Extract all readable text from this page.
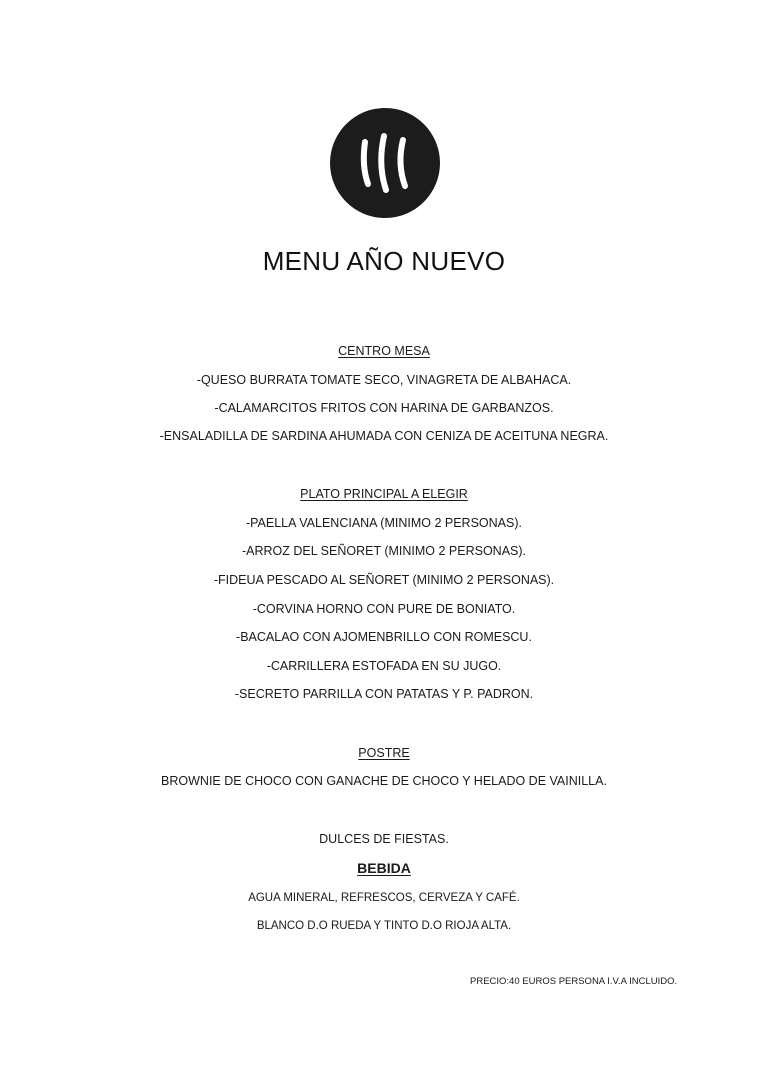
MENU AÑO NUEVO
CENTRO MESA
-QUESO BURRATA TOMATE SECO, VINAGRETA DE ALBAHACA.
-CALAMARCITOS FRITOS CON HARINA DE GARBANZOS.
-ENSALADILLA DE SARDINA AHUMADA CON CENIZA DE ACEITUNA NEGRA.
PLATO PRINCIPAL A ELEGIR
-PAELLA VALENCIANA (MINIMO 2 PERSONAS).
-ARROZ DEL SEÑORET (MINIMO 2 PERSONAS).
-FIDEUA PESCADO AL SEÑORET (MINIMO 2 PERSONAS).
-CORVINA HORNO CON PURE DE BONIATO.
-BACALAO CON AJOMENBRILLO CON ROMESCU.
-CARRILLERA ESTOFADA EN SU JUGO.
-SECRETO PARRILLA CON PATATAS Y P. PADRON.
POSTRE
BROWNIE DE CHOCO CON GANACHE DE CHOCO Y HELADO DE VAINILLA.
DULCES DE FIESTAS.
BEBIDA
AGUA MINERAL, REFRESCOS, CERVEZA Y CAFÉ.
BLANCO D.O RUEDA Y TINTO D.O RIOJA ALTA.
PRECIO:40 EUROS PERSONA I.V.A INCLUIDO.
